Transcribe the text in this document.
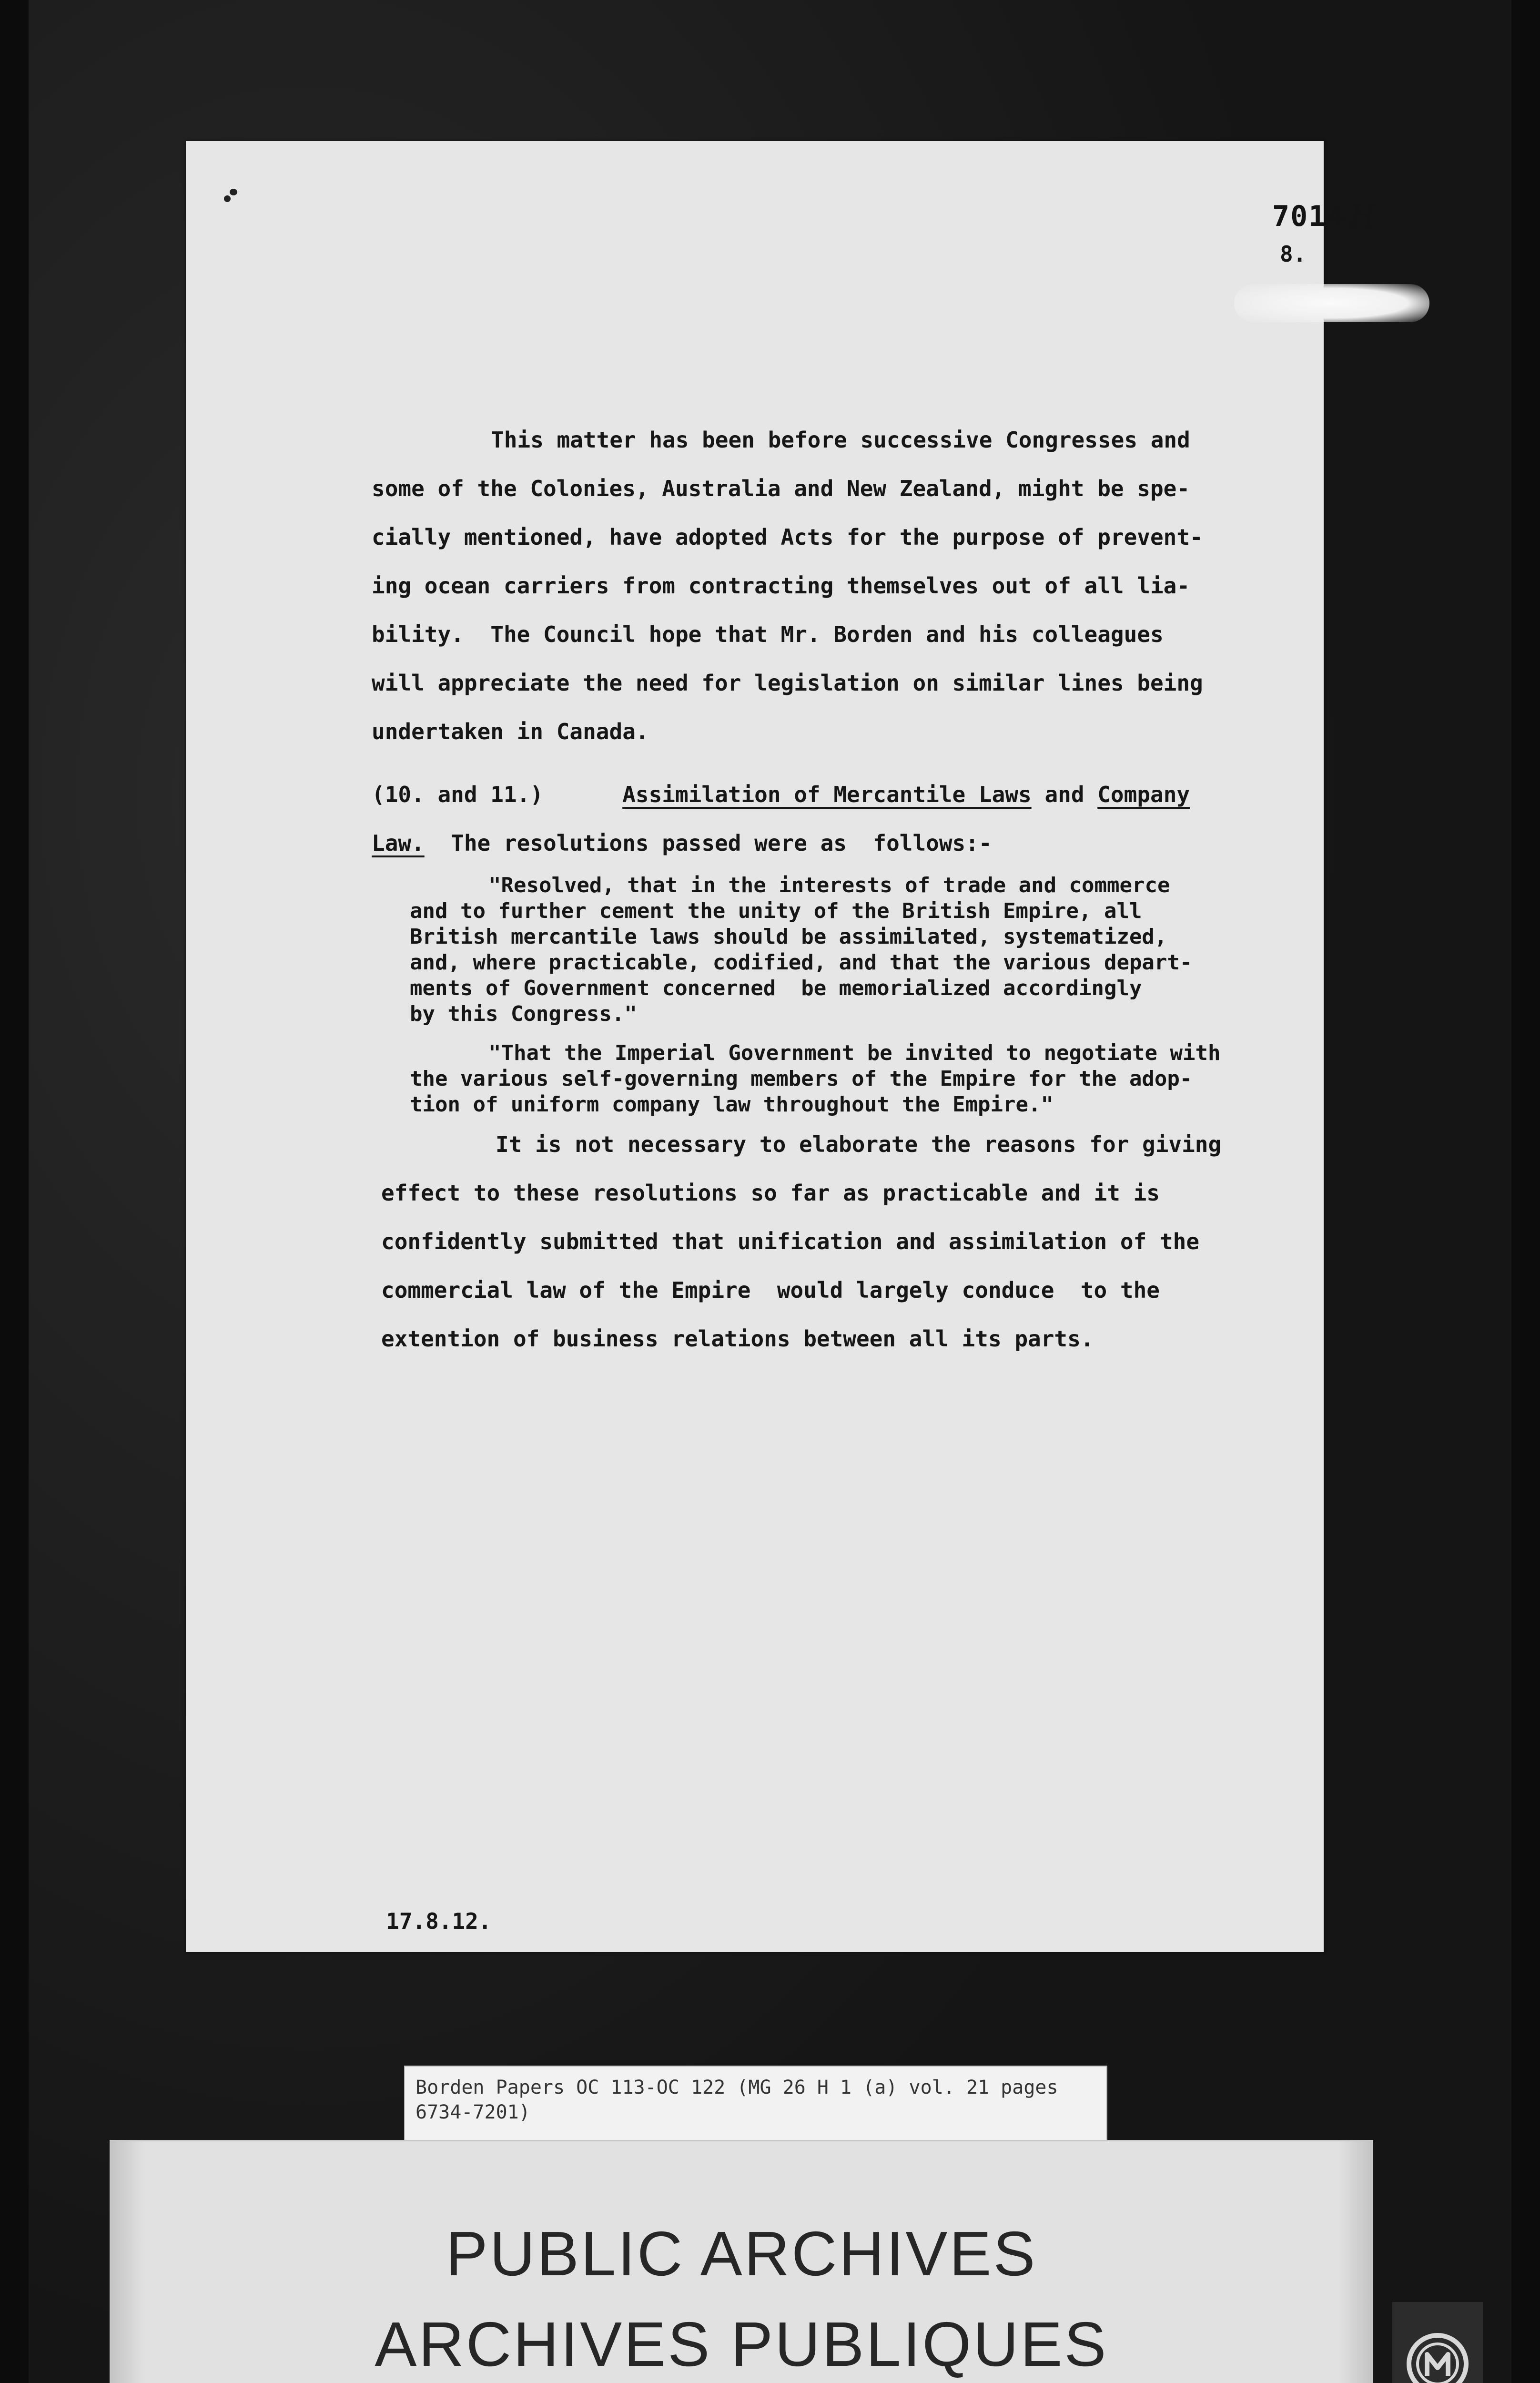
7014 H
8.
This matter has been before successive Congresses and
some of the Colonies, Australia and New Zealand, might be spe-
cially mentioned, have adopted Acts for the purpose of prevent-
ing ocean carriers from contracting themselves out of all lia-
bility.  The Council hope that Mr. Borden and his colleagues
will appreciate the need for legislation on similar lines being
undertaken in Canada.
(10. and 11.)	Assimilation of Mercantile Laws and Company
Law. The resolutions passed were as  follows:-
"Resolved, that in the interests of trade and commerce
and to further cement the unity of the British Empire, all
British mercantile laws should be assimilated, systematized,
and, where practicable, codified, and that the various depart-
ments of Government concerned  be memorialized accordingly
by this Congress."
"That the Imperial Government be invited to negotiate with
the various self-governing members of the Empire for the adop-
tion of uniform company law throughout the Empire."
It is not necessary to elaborate the reasons for giving
effect to these resolutions so far as practicable and it is
confidently submitted that unification and assimilation of the
commercial law of the Empire  would largely conduce  to the
extention of business relations between all its parts.
17.8.12.
Borden Papers OC 113-OC 122 (MG 26 H 1 (a) vol. 21 pages
6734-7201)
PUBLIC ARCHIVES
ARCHIVES PUBLIQUES
